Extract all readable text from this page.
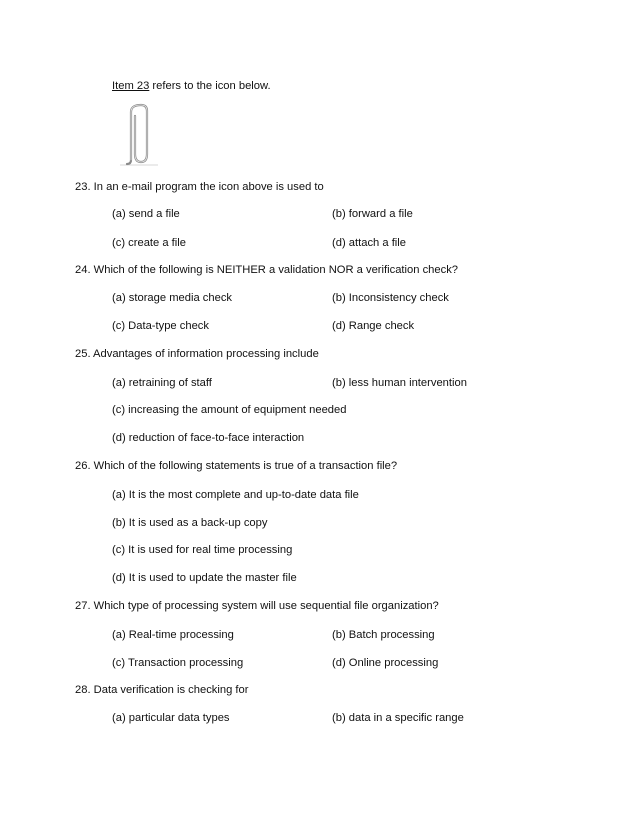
Item 23 refers to the icon below.
23. In an e-mail program the icon above is used to
(a) send a file	(b) forward a file
(c) create a file	(d) attach a file
24. Which of the following is NEITHER a validation NOR a verification check?
(a) storage media check	(b) Inconsistency check
(c) Data-type check	(d) Range check
25. Advantages of information processing include
(a) retraining of staff	(b) less human intervention
(c) increasing the amount of equipment needed
(d) reduction of face-to-face interaction
26. Which of the following statements is true of a transaction file?
(a) It is the most complete and up-to-date data file
(b) It is used as a back-up copy
(c) It is used for real time processing
(d) It is used to update the master file
27. Which type of processing system will use sequential file organization?
(a) Real-time processing	(b) Batch processing
(c) Transaction processing	(d) Online processing
28. Data verification is checking for
(a) particular data types	(b) data in a specific range
